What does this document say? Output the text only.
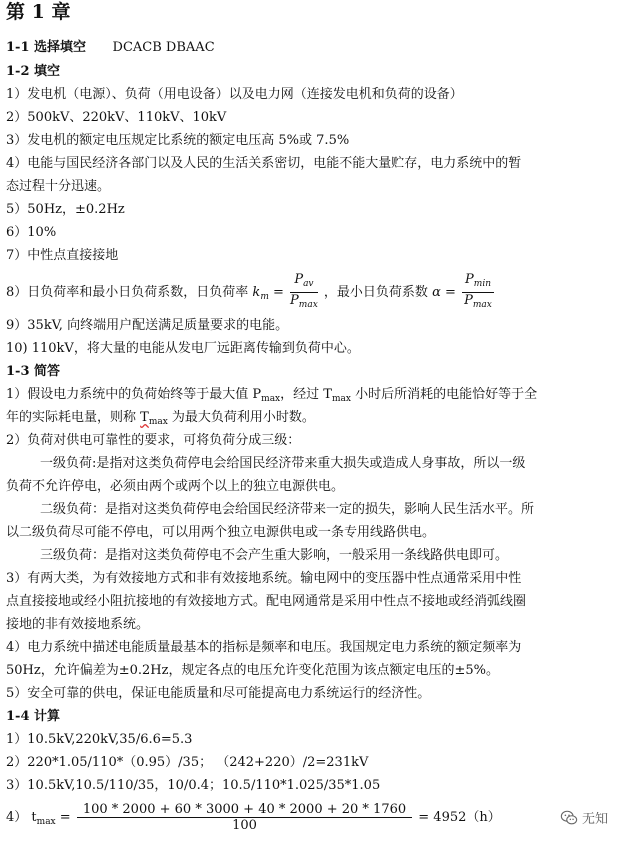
第 1 章
1-1 选择填空 DCACB DBAAC
1-2 填空
1）发电机（电源）、负荷（用电设备）以及电力网（连接发电机和负荷的设备）
2）500kV、220kV、110kV、10kV
3）发电机的额定电压规定比系统的额定电压高 5%或 7.5%
4）电能与国民经济各部门以及人民的生活关系密切，电能不能大量贮存，电力系统中的暂
态过程十分迅速。
5）50Hz，±0.2Hz
6）10%
7）中性点直接接地
8）日负荷率和最小日负荷系数，日负荷率 $k_m = \frac{P_{av}}{P_{max}}$ ，最小日负荷系数 $\alpha = \frac{P_{min}}{P_{max}}$
9）35kV, 向终端用户配送满足质量要求的电能。
10) 110kV，将大量的电能从发电厂远距离传输到负荷中心。
1-3 简答
1）假设电力系统中的负荷始终等于最大值 $P_{max}$，经过 $T_{max}$ 小时后所消耗的电能恰好等于全
年的实际耗电量，则称 $T_{max}$ 为最大负荷利用小时数。
2）负荷对供电可靠性的要求，可将负荷分成三级：
一级负荷:是指对这类负荷停电会给国民经济带来重大损失或造成人身事故，所以一级
负荷不允许停电，必须由两个或两个以上的独立电源供电。
二级负荷：是指对这类负荷停电会给国民经济带来一定的损失，影响人民生活水平。所
以二级负荷尽可能不停电，可以用两个独立电源供电或一条专用线路供电。
三级负荷：是指对这类负荷停电不会产生重大影响，一般采用一条线路供电即可。
3）有两大类，为有效接地方式和非有效接地系统。输电网中的变压器中性点通常采用中性
点直接接地或经小阻抗接地的有效接地方式。配电网通常是采用中性点不接地或经消弧线圈
接地的非有效接地系统。
4）电力系统中描述电能质量最基本的指标是频率和电压。我国规定电力系统的额定频率为
50Hz，允许偏差为±0.2Hz，规定各点的电压允许变化范围为该点额定电压的±5%。
5）安全可靠的供电，保证电能质量和尽可能提高电力系统运行的经济性。
1-4 计算
1）10.5kV,220kV,35/6.6=5.3
2）220*1.05/110*（0.95）/35； （242+220）/2=231kV
3）10.5kV,10.5/110/35，10/0.4；10.5/110*1.025/35*1.05
4） $t_{max} = \frac{100 * 2000 + 60 * 3000 + 40 * 2000 + 20 * 1760}{100} = 4952(h)$	无知
